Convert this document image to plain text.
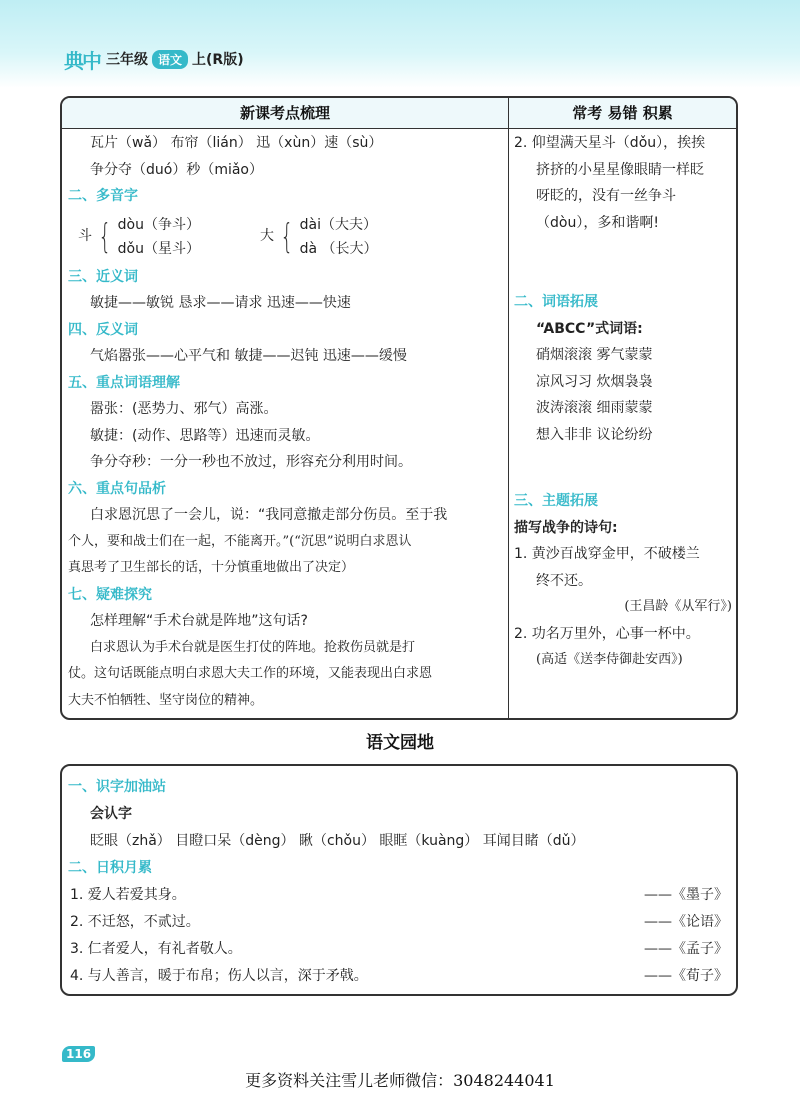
典中 三年级 语文 上(R版)
新课考点梳理	常考 易错 积累
瓦片（wǎ） 布帘（lián） 迅（xùn）速（sù）
争分夺（duó）秒（miǎo）
二、多音字
斗 { dòu（争斗）
dǒu（星斗）
大 { dài（大夫）
dà （长大）
三、近义词
敏捷——敏锐 恳求——请求 迅速——快速
四、反义词
气焰嚣张——心平气和 敏捷——迟钝 迅速——缓慢
五、重点词语理解
嚣张：(恶势力、邪气）高涨。
敏捷：(动作、思路等）迅速而灵敏。
争分夺秒：一分一秒也不放过，形容充分利用时间。
六、重点句品析
白求恩沉思了一会儿，说：“我同意撤走部分伤员。至于我
个人，要和战士们在一起，不能离开。”(“沉思”说明白求恩认
真思考了卫生部长的话，十分慎重地做出了决定）
七、疑难探究
怎样理解“手术台就是阵地”这句话?
白求恩认为手术台就是医生打仗的阵地。抢救伤员就是打
仗。这句话既能点明白求恩大夫工作的环境，又能表现出白求恩
大夫不怕牺牲、坚守岗位的精神。
2. 仰望满天星斗（dǒu），挨挨
挤挤的小星星像眼睛一样眨
呀眨的，没有一丝争斗
（dòu），多和谐啊!
二、词语拓展
“ABCC”式词语:
硝烟滚滚 雾气蒙蒙
凉风习习 炊烟袅袅
波涛滚滚 细雨蒙蒙
想入非非 议论纷纷
三、主题拓展
描写战争的诗句:
1. 黄沙百战穿金甲，不破楼兰
终不还。
(王昌龄《从军行》)
2. 功名万里外，心事一杯中。
(高适《送李侍御赴安西》)
语文园地
一、识字加油站
会认字
眨眼（zhǎ） 目瞪口呆（dèng） 瞅（chǒu） 眼眶（kuàng） 耳闻目睹（dǔ）
二、日积月累
1. 爱人若爱其身。	——《墨子》
2. 不迁怒，不贰过。	——《论语》
3. 仁者爱人，有礼者敬人。	——《孟子》
4. 与人善言，暖于布帛；伤人以言，深于矛戟。	——《荀子》
116
更多资料关注雪儿老师微信：3048244041
